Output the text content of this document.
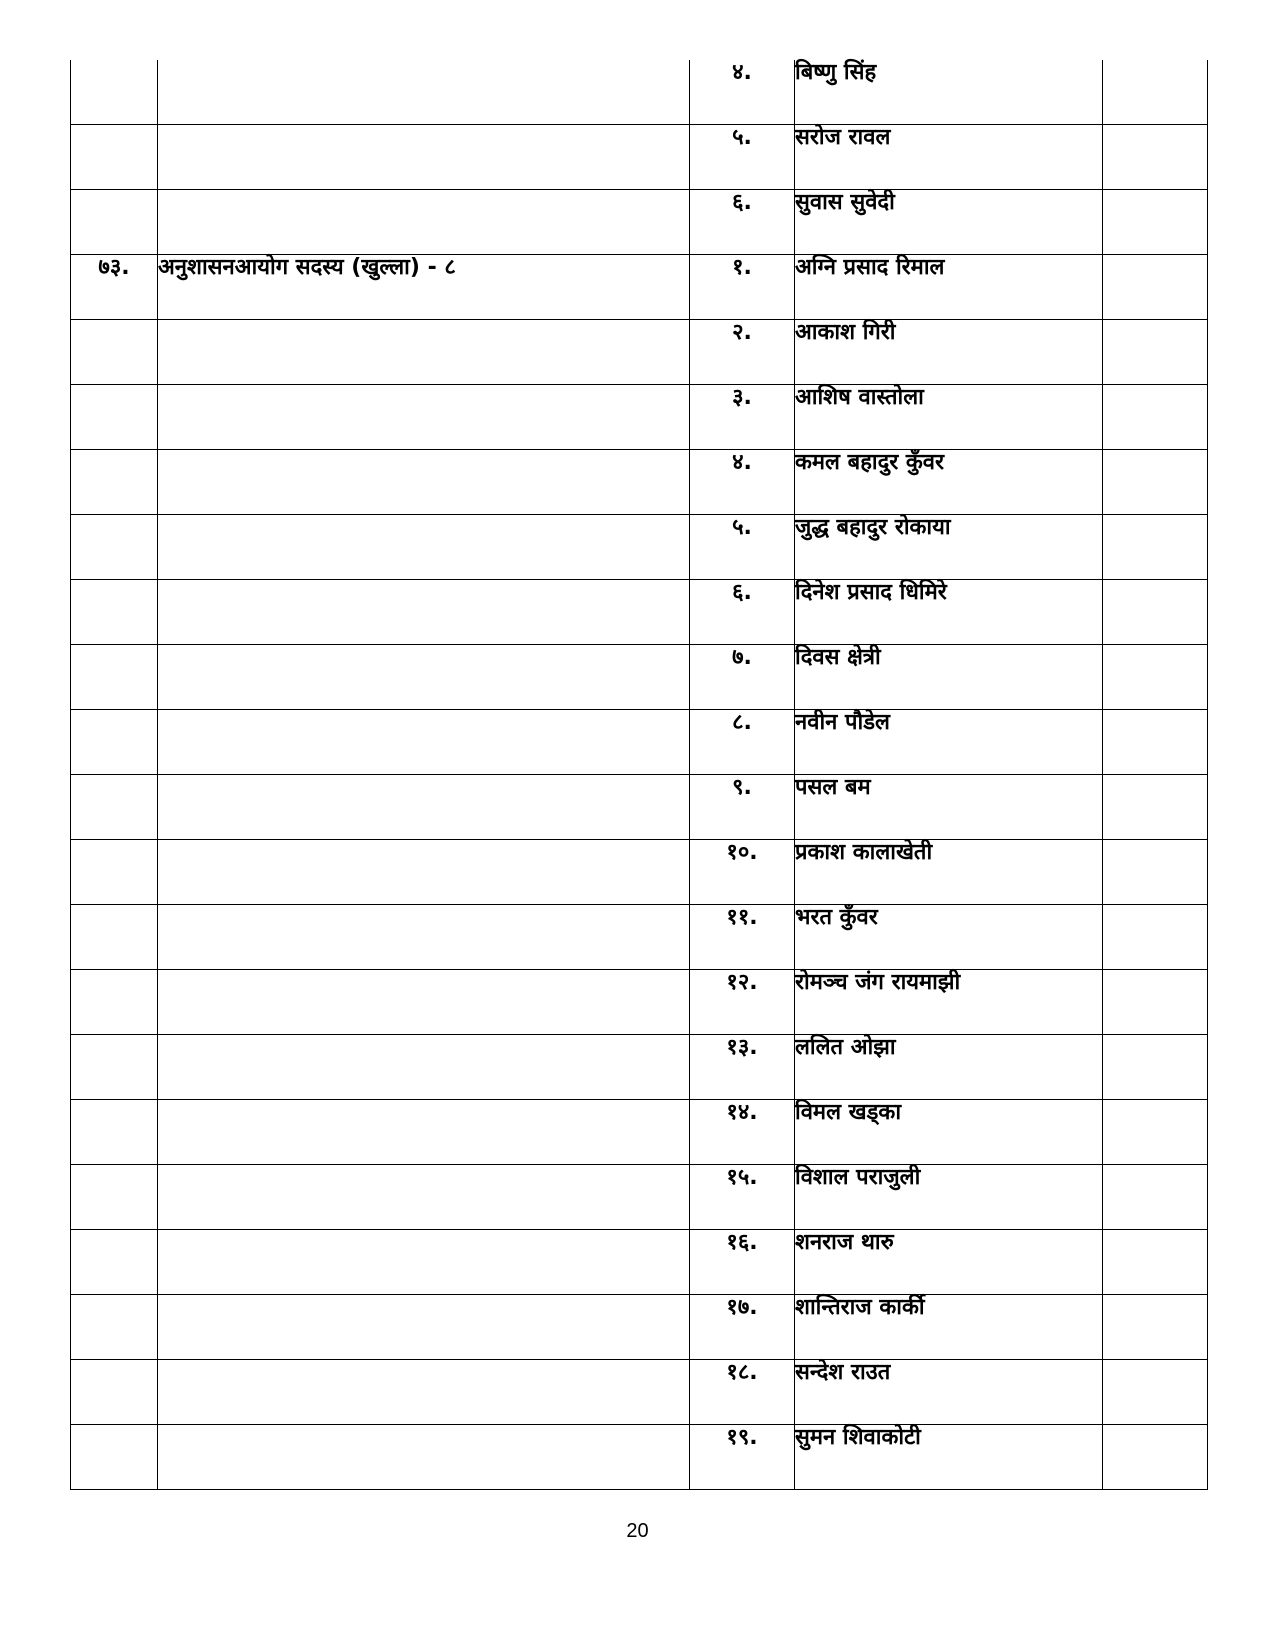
		४.	बिष्णु सिंह	
		५.	सरोज रावल	
		६.	सुवास सुवेदी	
७३.	अनुशासनआयोग सदस्य (खुल्ला) - ८	१.	अग्नि प्रसाद रिमाल	
		२.	आकाश गिरी	
		३.	आशिष वास्तोला	
		४.	कमल बहादुर कुँवर	
		५.	जुद्ध बहादुर रोकाया	
		६.	दिनेश प्रसाद धिमिरे	
		७.	दिवस क्षेत्री	
		८.	नवीन पौडेल	
		९.	पसल बम	
		१०.	प्रकाश कालाखेती	
		११.	भरत कुँवर	
		१२.	रोमञ्च जंग रायमाझी	
		१३.	ललित ओझा	
		१४.	विमल खड्का	
		१५.	विशाल पराजुली	
		१६.	शनराज थारु	
		१७.	शान्तिराज कार्की	
		१८.	सन्देश राउत	
		१९.	सुमन शिवाकोटी	
20
